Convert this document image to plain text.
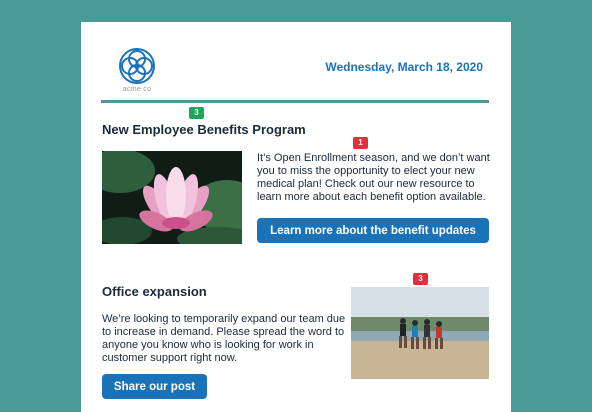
acme co
Wednesday, March 18, 2020
New Employee Benefits Program

It’s Open Enrollment season, and we don’t want you to miss the opportunity to elect your new medical plan! Check out our new resource to learn more about each benefit option available.

Learn more about the benefit updates
Office expansion

We’re looking to temporarily expand our team due to increase in demand. Please spread the word to anyone you know who is looking for work in customer support right now.

Share our post
3
1
3
